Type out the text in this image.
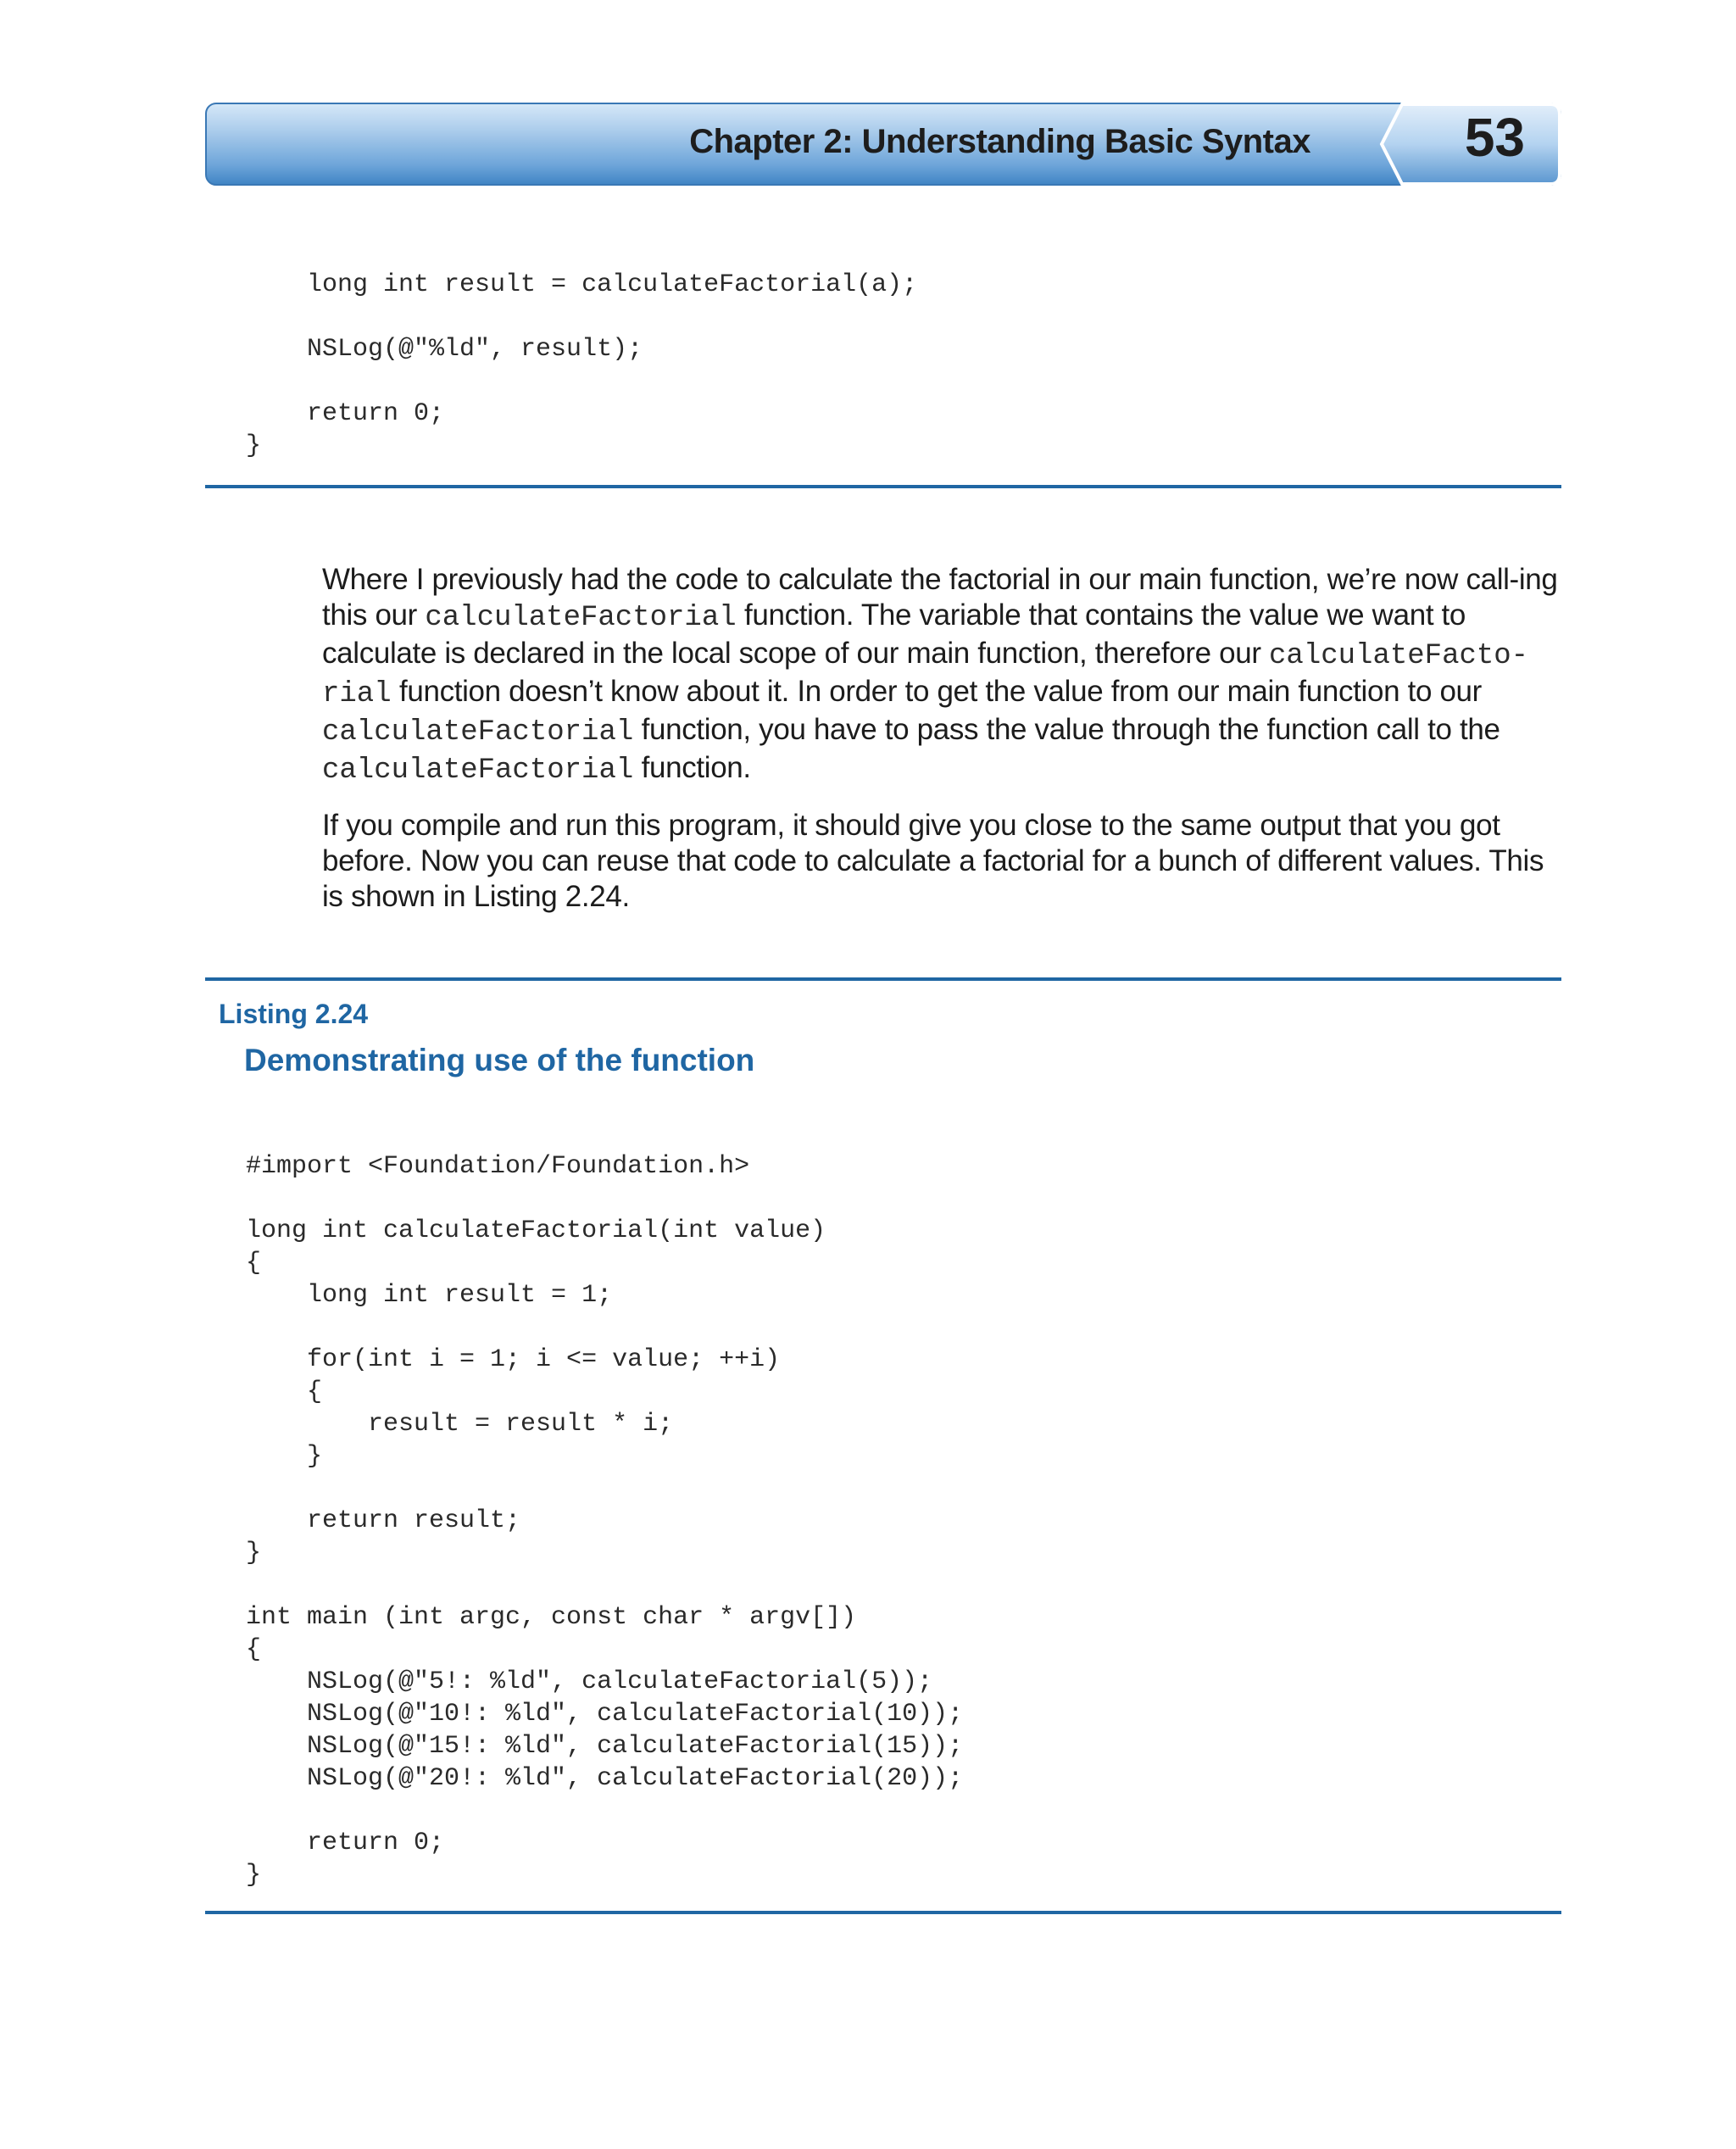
Chapter 2: Understanding Basic Syntax	53
long int result = calculateFactorial(a);
NSLog(@"%ld", result);
return 0;
}

Where I previously had the code to calculate the factorial in our main function, we’re now call-ing this our calculateFactorial function. The variable that contains the value we want to calculate is declared in the local scope of our main function, therefore our calculateFacto-rial function doesn’t know about it. In order to get the value from our main function to our calculateFactorial function, you have to pass the value through the function call to the calculateFactorial function.

If you compile and run this program, it should give you close to the same output that you got before. Now you can reuse that code to calculate a factorial for a bunch of different values. This is shown in Listing 2.24.

Listing 2.24
Demonstrating use of the function
#import <Foundation/Foundation.h>
long int calculateFactorial(int value)
{
long int result = 1;
for(int i = 1; i <= value; ++i)
{
result = result * i;
}
return result;
}
int main (int argc, const char * argv[])
{
NSLog(@"5!: %ld", calculateFactorial(5));
NSLog(@"10!: %ld", calculateFactorial(10));
NSLog(@"15!: %ld", calculateFactorial(15));
NSLog(@"20!: %ld", calculateFactorial(20));
return 0;
}
